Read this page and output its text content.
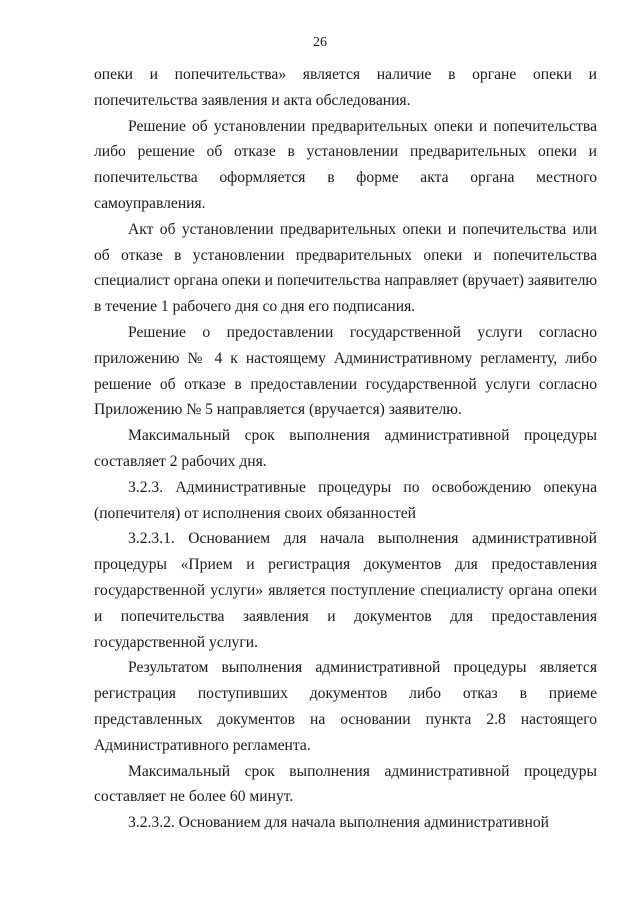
26

опеки и попечительства» является наличие в органе опеки и попечительства заявления и акта обследования.

Решение об установлении предварительных опеки и попечительства либо решение об отказе в установлении предварительных опеки и попечительства оформляется в форме акта органа местного самоуправления.

Акт об установлении предварительных опеки и попечительства или об отказе в установлении предварительных опеки и попечительства специалист органа опеки и попечительства направляет (вручает) заявителю в течение 1 рабочего дня со дня его подписания.

Решение о предоставлении государственной услуги согласно приложению № 4 к настоящему Административному регламенту, либо решение об отказе в предоставлении государственной услуги согласно Приложению № 5 направляется (вручается) заявителю.

Максимальный срок выполнения административной процедуры составляет 2 рабочих дня.

3.2.3. Административные процедуры по освобождению опекуна (попечителя) от исполнения своих обязанностей

3.2.3.1. Основанием для начала выполнения административной процедуры «Прием и регистрация документов для предоставления государственной услуги» является поступление специалисту органа опеки и попечительства заявления и документов для предоставления государственной услуги.

Результатом выполнения административной процедуры является регистрация поступивших документов либо отказ в приеме представленных документов на основании пункта 2.8 настоящего Административного регламента.

Максимальный срок выполнения административной процедуры составляет не более 60 минут.

3.2.3.2. Основанием для начала выполнения административной
